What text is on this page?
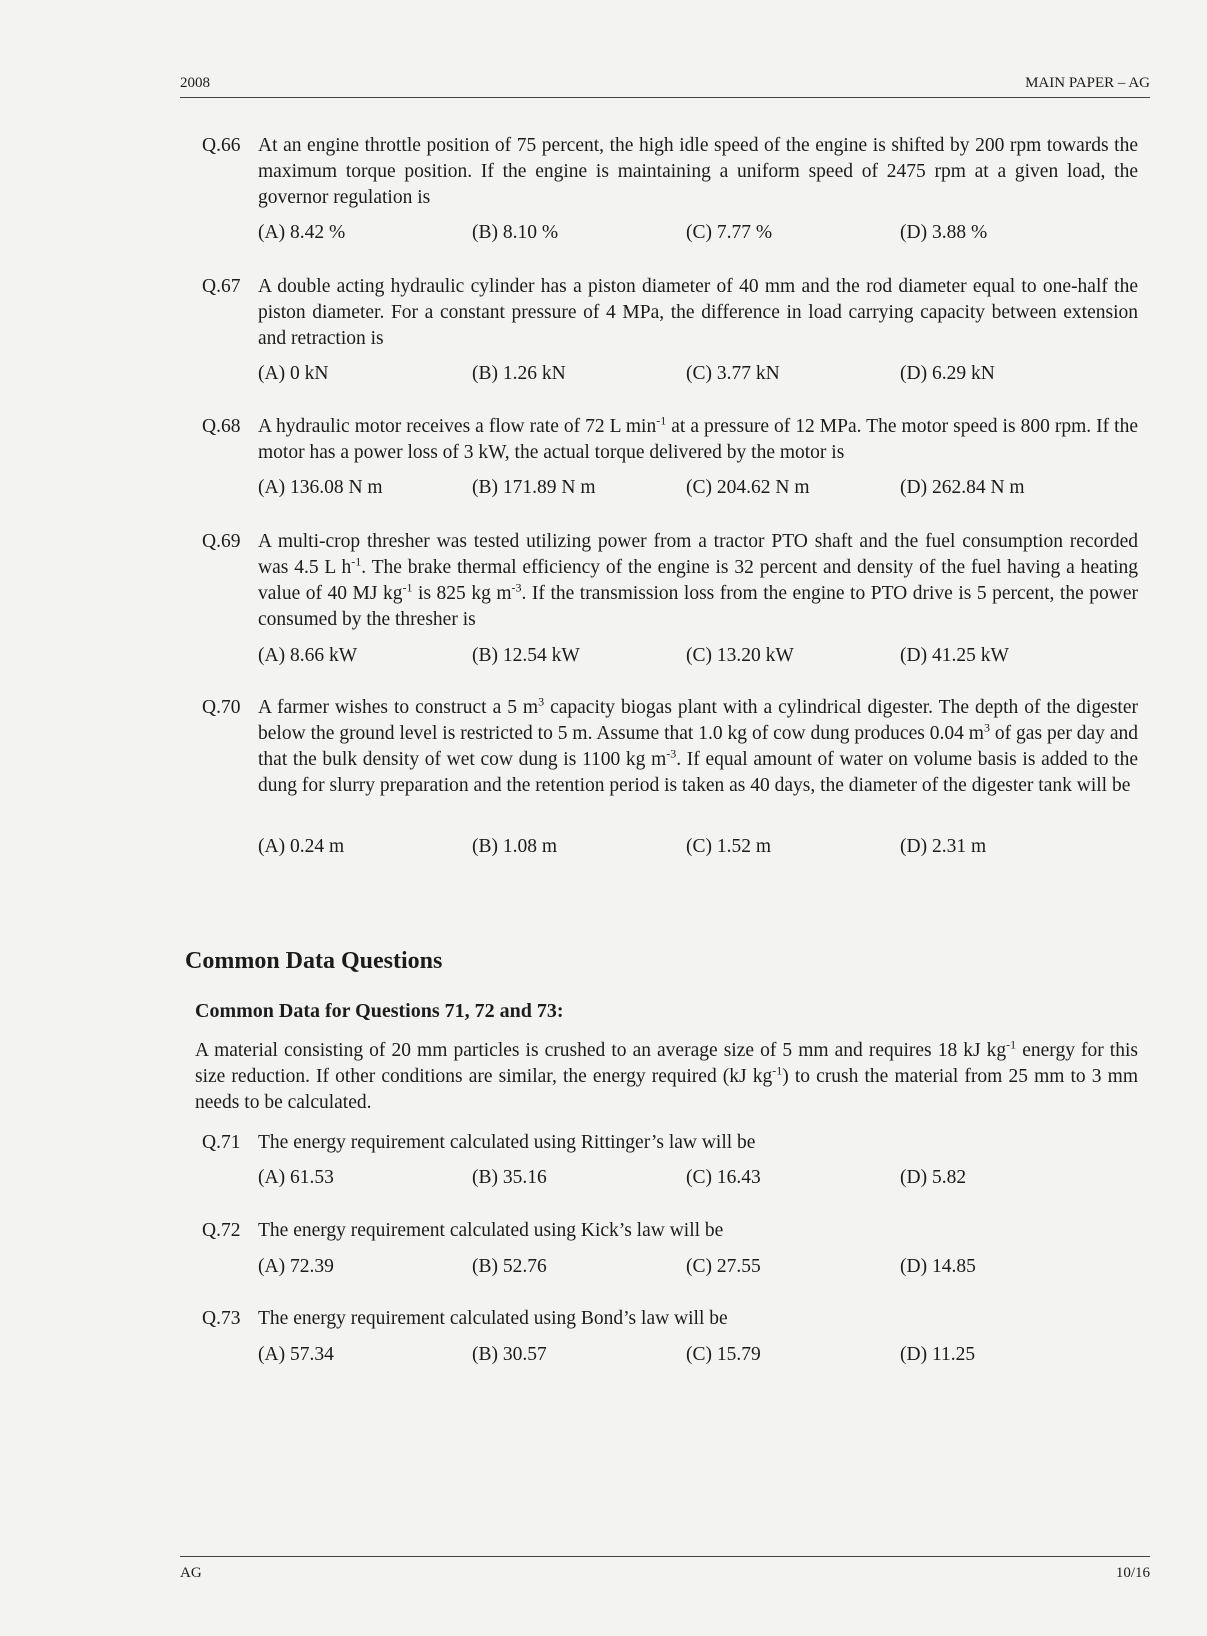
2008	MAIN PAPER – AG
Q.66 At an engine throttle position of 75 percent, the high idle speed of the engine is shifted by 200 rpm towards the maximum torque position. If the engine is maintaining a uniform speed of 2475 rpm at a given load, the governor regulation is
(A) 8.42 %	(B) 8.10 %	(C) 7.77 %	(D) 3.88 %
Q.67 A double acting hydraulic cylinder has a piston diameter of 40 mm and the rod diameter equal to one-half the piston diameter. For a constant pressure of 4 MPa, the difference in load carrying capacity between extension and retraction is
(A) 0 kN	(B) 1.26 kN	(C) 3.77 kN	(D) 6.29 kN
Q.68 A hydraulic motor receives a flow rate of 72 L $\min^{-1}$ at a pressure of 12 MPa. The motor speed is 800 rpm. If the motor has a power loss of 3 kW, the actual torque delivered by the motor is
(A) 136.08 N m	(B) 171.89 N m	(C) 204.62 N m	(D) 262.84 N m
Q.69 A multi-crop thresher was tested utilizing power from a tractor PTO shaft and the fuel consumption recorded was 4.5 L $h^{-1}$. The brake thermal efficiency of the engine is 32 percent and density of the fuel having a heating value of 40 MJ $kg^{-1}$ is 825 kg $m^{-3}$. If the transmission loss from the engine to PTO drive is 5 percent, the power consumed by the thresher is
(A) 8.66 kW	(B) 12.54 kW	(C) 13.20 kW	(D) 41.25 kW
Q.70 A farmer wishes to construct a 5 $m^3$ capacity biogas plant with a cylindrical digester. The depth of the digester below the ground level is restricted to 5 m. Assume that 1.0 kg of cow dung produces 0.04 $m^3$ of gas per day and that the bulk density of wet cow dung is 1100 kg $m^{-3}$. If equal amount of water on volume basis is added to the dung for slurry preparation and the retention period is taken as 40 days, the diameter of the digester tank will be
(A) 0.24 m	(B) 1.08 m	(C) 1.52 m	(D) 2.31 m
Common Data Questions
Common Data for Questions 71, 72 and 73:
A material consisting of 20 mm particles is crushed to an average size of 5 mm and requires 18 kJ $kg^{-1}$ energy for this size reduction. If other conditions are similar, the energy required (kJ $kg^{-1}$) to crush the material from 25 mm to 3 mm needs to be calculated.
Q.71 The energy requirement calculated using Rittinger’s law will be
(A) 61.53	(B) 35.16	(C) 16.43	(D) 5.82
Q.72 The energy requirement calculated using Kick’s law will be
(A) 72.39	(B) 52.76	(C) 27.55	(D) 14.85
Q.73 The energy requirement calculated using Bond’s law will be
(A) 57.34	(B) 30.57	(C) 15.79	(D) 11.25
AG	10/16
